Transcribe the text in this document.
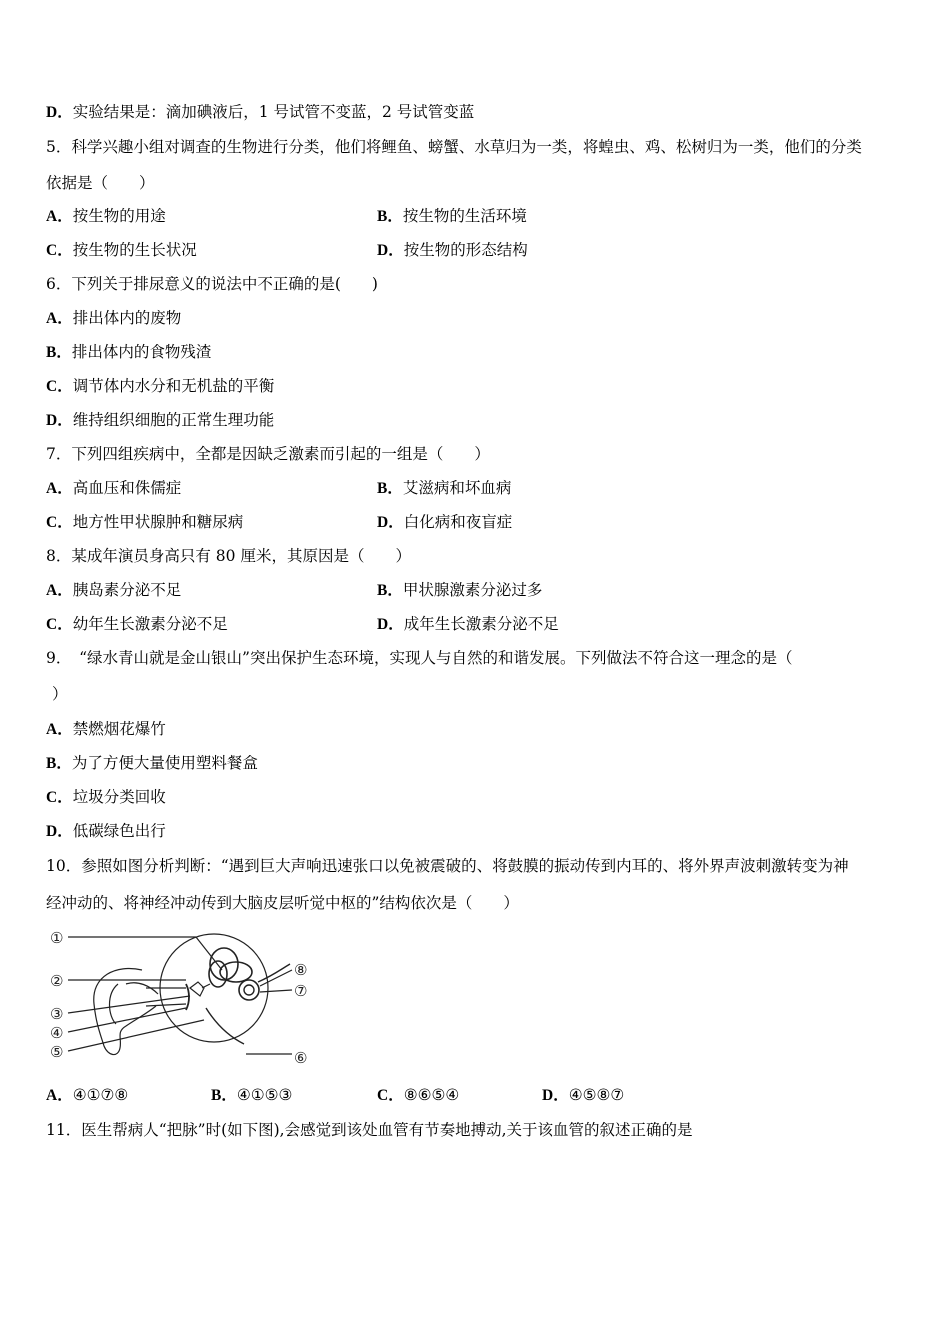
D．实验结果是：滴加碘液后，1 号试管不变蓝，2 号试管变蓝
5．科学兴趣小组对调查的生物进行分类，他们将鲤鱼、螃蟹、水草归为一类，将蝗虫、鸡、松树归为一类，他们的分类
依据是（　　）
A．按生物的用途	B．按生物的生活环境
C．按生物的生长状况	D．按生物的形态结构
6．下列关于排尿意义的说法中不正确的是(　　)
A．排出体内的废物
B．排出体内的食物残渣
C．调节体内水分和无机盐的平衡
D．维持组织细胞的正常生理功能
7．下列四组疾病中，全都是因缺乏激素而引起的一组是（　　）
A．高血压和侏儒症	B．艾滋病和坏血病
C．地方性甲状腺肿和糖尿病	D．白化病和夜盲症
8．某成年演员身高只有 80 厘米，其原因是（　　）
A．胰岛素分泌不足	B．甲状腺激素分泌过多
C．幼年生长激素分泌不足	D．成年生长激素分泌不足
9．　“绿水青山就是金山银山”突出保护生态环境，实现人与自然的和谐发展。下列做法不符合这一理念的是（
）
A．禁燃烟花爆竹
B．为了方便大量使用塑料餐盒
C．垃圾分类回收
D．低碳绿色出行
10．参照如图分析判断：“遇到巨大声响迅速张口以免被震破的、将鼓膜的振动传到内耳的、将外界声波刺激转变为神
经冲动的、将神经冲动传到大脑皮层听觉中枢的”结构依次是（　　）
①
②
③
④
⑤	⑥
⑦
⑧
A．④①⑦⑧	B．④①⑤③	C．⑧⑥⑤④	D．④⑤⑧⑦
11．医生帮病人“把脉”时(如下图),会感觉到该处血管有节奏地搏动,关于该血管的叙述正确的是
